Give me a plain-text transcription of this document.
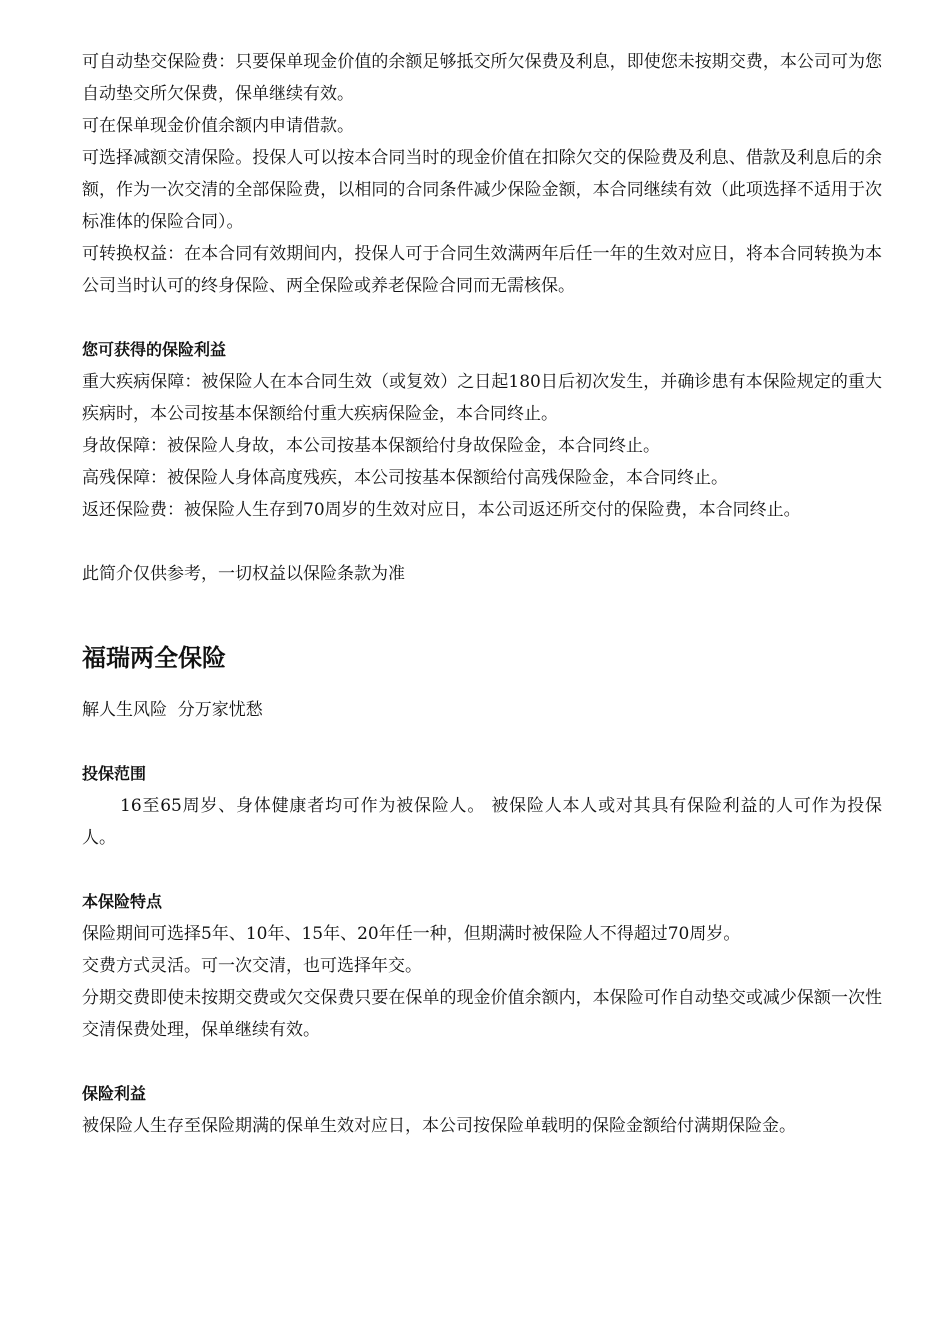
可自动垫交保险费：只要保单现金价值的余额足够抵交所欠保费及利息，即使您未按期交费，本公司可为您自动垫交所欠保费，保单继续有效。

可在保单现金价值余额内申请借款。

可选择减额交清保险。投保人可以按本合同当时的现金价值在扣除欠交的保险费及利息、借款及利息后的余额，作为一次交清的全部保险费，以相同的合同条件减少保险金额，本合同继续有效（此项选择不适用于次标准体的保险合同）。

可转换权益：在本合同有效期间内，投保人可于合同生效满两年后任一年的生效对应日，将本合同转换为本公司当时认可的终身保险、两全保险或养老保险合同而无需核保。

您可获得的保险利益

重大疾病保障：被保险人在本合同生效（或复效）之日起180日后初次发生，并确诊患有本保险规定的重大疾病时，本公司按基本保额给付重大疾病保险金，本合同终止。

身故保障：被保险人身故，本公司按基本保额给付身故保险金，本合同终止。

高残保障：被保险人身体高度残疾，本公司按基本保额给付高残保险金，本合同终止。

返还保险费：被保险人生存到70周岁的生效对应日，本公司返还所交付的保险费，本合同终止。

此简介仅供参考，一切权益以保险条款为准

福瑞两全保险

解人生风险  分万家忧愁

投保范围

16至65周岁、身体健康者均可作为被保险人。 被保险人本人或对其具有保险利益的人可作为投保人。

本保险特点

保险期间可选择5年、10年、15年、20年任一种，但期满时被保险人不得超过70周岁。

交费方式灵活。可一次交清，也可选择年交。

分期交费即使未按期交费或欠交保费只要在保单的现金价值余额内，本保险可作自动垫交或减少保额一次性交清保费处理，保单继续有效。

保险利益

被保险人生存至保险期满的保单生效对应日，本公司按保险单载明的保险金额给付满期保险金。
